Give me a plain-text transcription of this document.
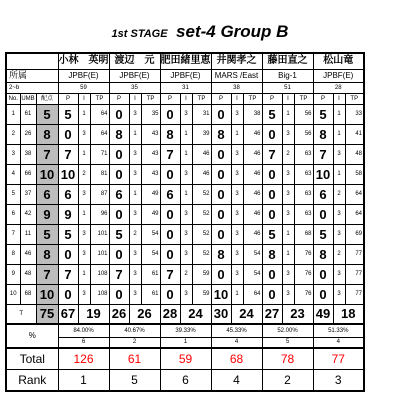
1st STAGE set-4 Group B
			小林　英明			渡辺　元			肥田緒里恵			井関孝之			藤田直之			松山竜		
所属			JPBF(E)			JPBF(E)			JPBF(E)			MARS /East			Big-1			JPBF(E)		
2~b			59			35			31			38			51			28		
No.	UMB	配点	P	I	TP	P	I	TP	P	I	TP	P	I	TP	P	I	TP	P	I	TP
1	61	5	5	1	64	0	3	35	0	3	31	0	3	38	5	1	56	5	1	33
2	26	8	0	3	64	8	1	43	8	1	39	8	1	46	0	3	56	8	1	41
3	38	7	7	1	71	0	3	43	7	1	46	0	3	46	7	2	63	7	3	48
4	66	10	10	2	81	0	3	43	0	3	46	0	3	46	0	3	63	10	1	58
5	37	6	6	3	87	6	1	49	6	1	52	0	3	46	0	3	63	6	2	64
6	42	9	9	1	96	0	3	49	0	3	52	0	3	46	0	3	63	0	3	64
7	11	5	5	3	101	5	2	54	0	3	52	0	3	46	5	1	68	5	3	69
8	46	8	0	3	101	0	3	54	0	3	52	8	3	54	8	1	76	8	2	77
9	48	7	7	1	108	7	3	61	7	2	59	0	3	54	0	3	76	0	3	77
10	68	10	0	3	108	0	3	61	0	3	59	10	1	64	0	3	76	0	3	77
T		75	67	19		26	26		28	24		30	24		27	23		49	18	
%			84.00%			40.67%			39.33%			45.33%			52.00%			51.33%		
			6			2			1			4			5			4		
Total			126			61			59			68			78			77		
Rank			1			5			6			4			2			3		
